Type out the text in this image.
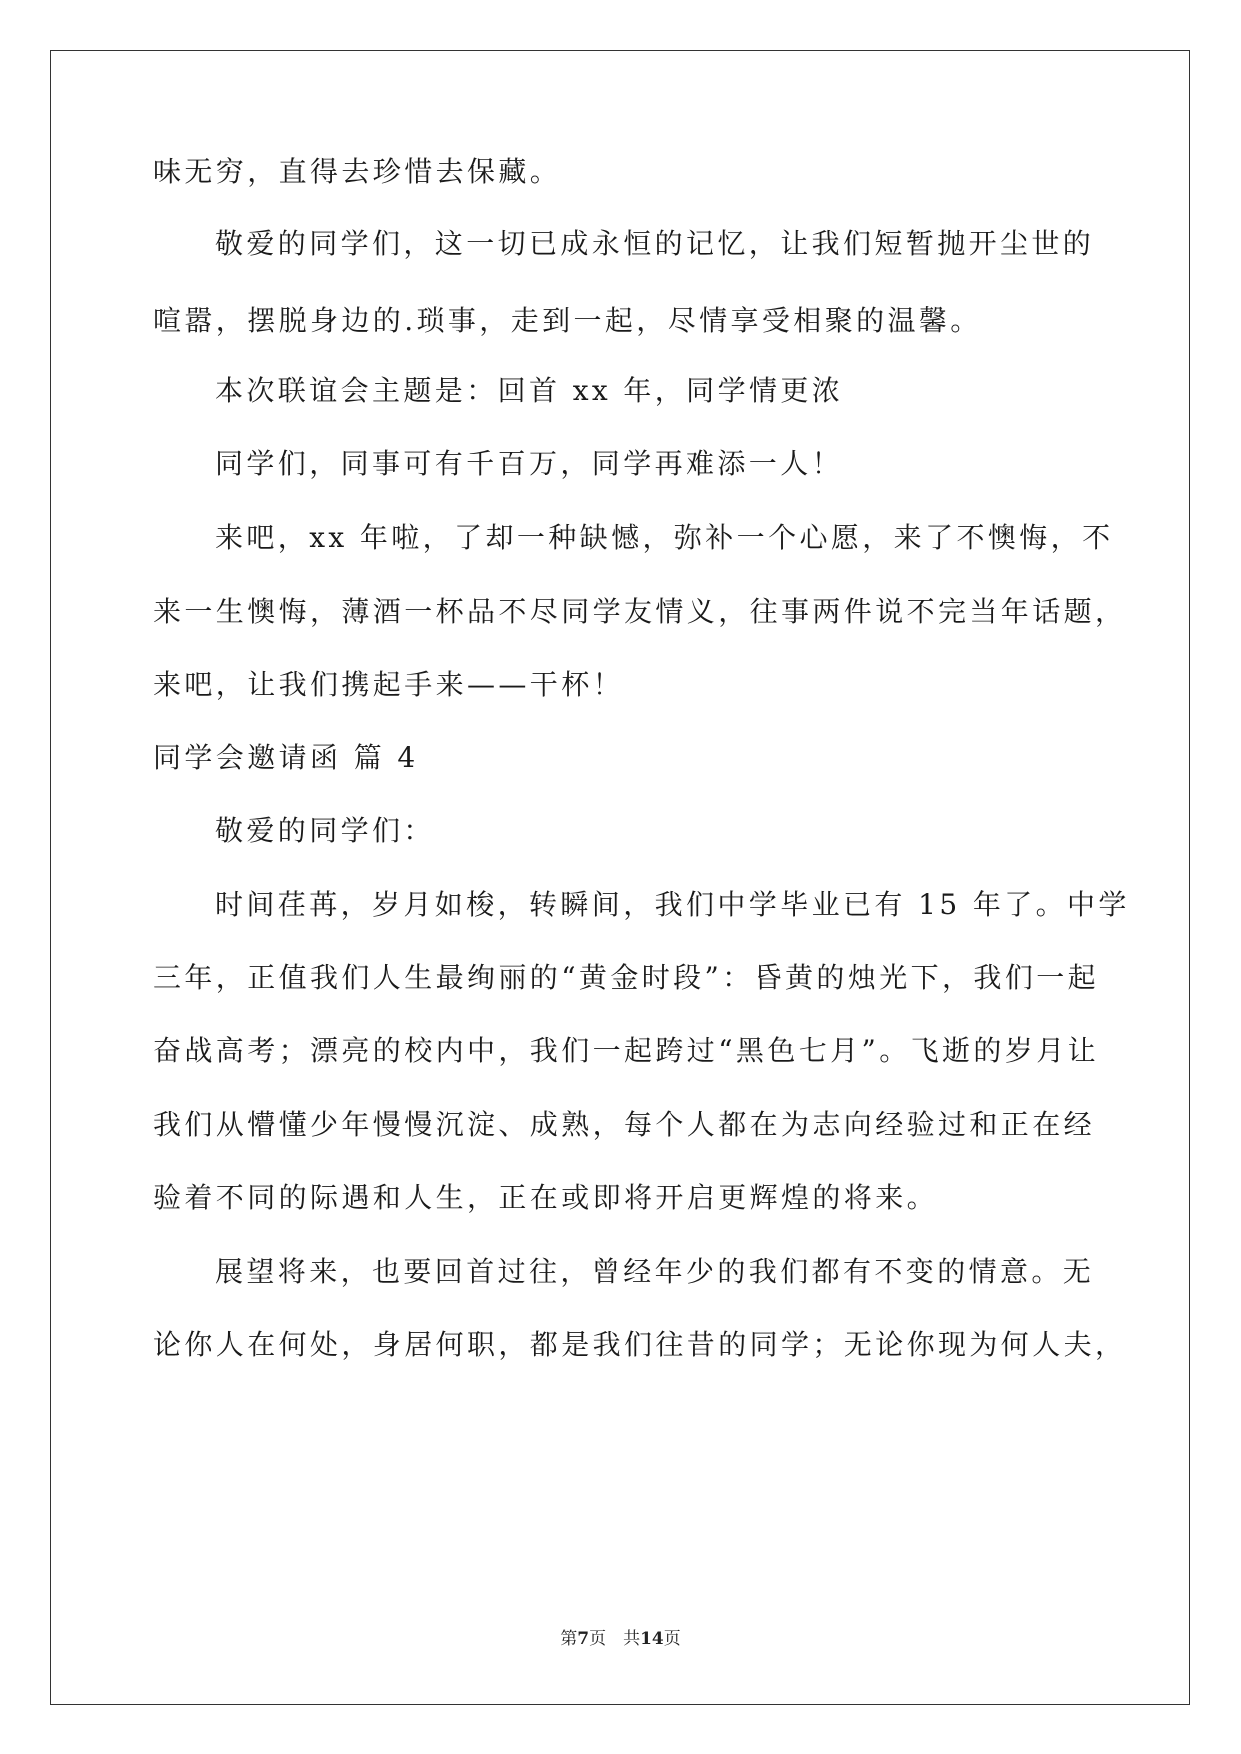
味无穷，直得去珍惜去保藏。
敬爱的同学们，这一切已成永恒的记忆，让我们短暂抛开尘世的
喧嚣，摆脱身边的.琐事，走到一起，尽情享受相聚的温馨。
本次联谊会主题是：回首 xx 年，同学情更浓
同学们，同事可有千百万，同学再难添一人！
来吧，xx 年啦，了却一种缺憾，弥补一个心愿，来了不懊悔，不
来一生懊悔，薄酒一杯品不尽同学友情义，往事两件说不完当年话题，
来吧，让我们携起手来——干杯！
同学会邀请函 篇 4
敬爱的同学们：
时间荏苒，岁月如梭，转瞬间，我们中学毕业已有 15 年了。中学
三年，正值我们人生最绚丽的“黄金时段”：昏黄的烛光下，我们一起
奋战高考；漂亮的校内中，我们一起跨过“黑色七月”。飞逝的岁月让
我们从懵懂少年慢慢沉淀、成熟，每个人都在为志向经验过和正在经
验着不同的际遇和人生，正在或即将开启更辉煌的将来。
展望将来，也要回首过往，曾经年少的我们都有不变的情意。无
论你人在何处，身居何职，都是我们往昔的同学；无论你现为何人夫，
第7页　共14页
